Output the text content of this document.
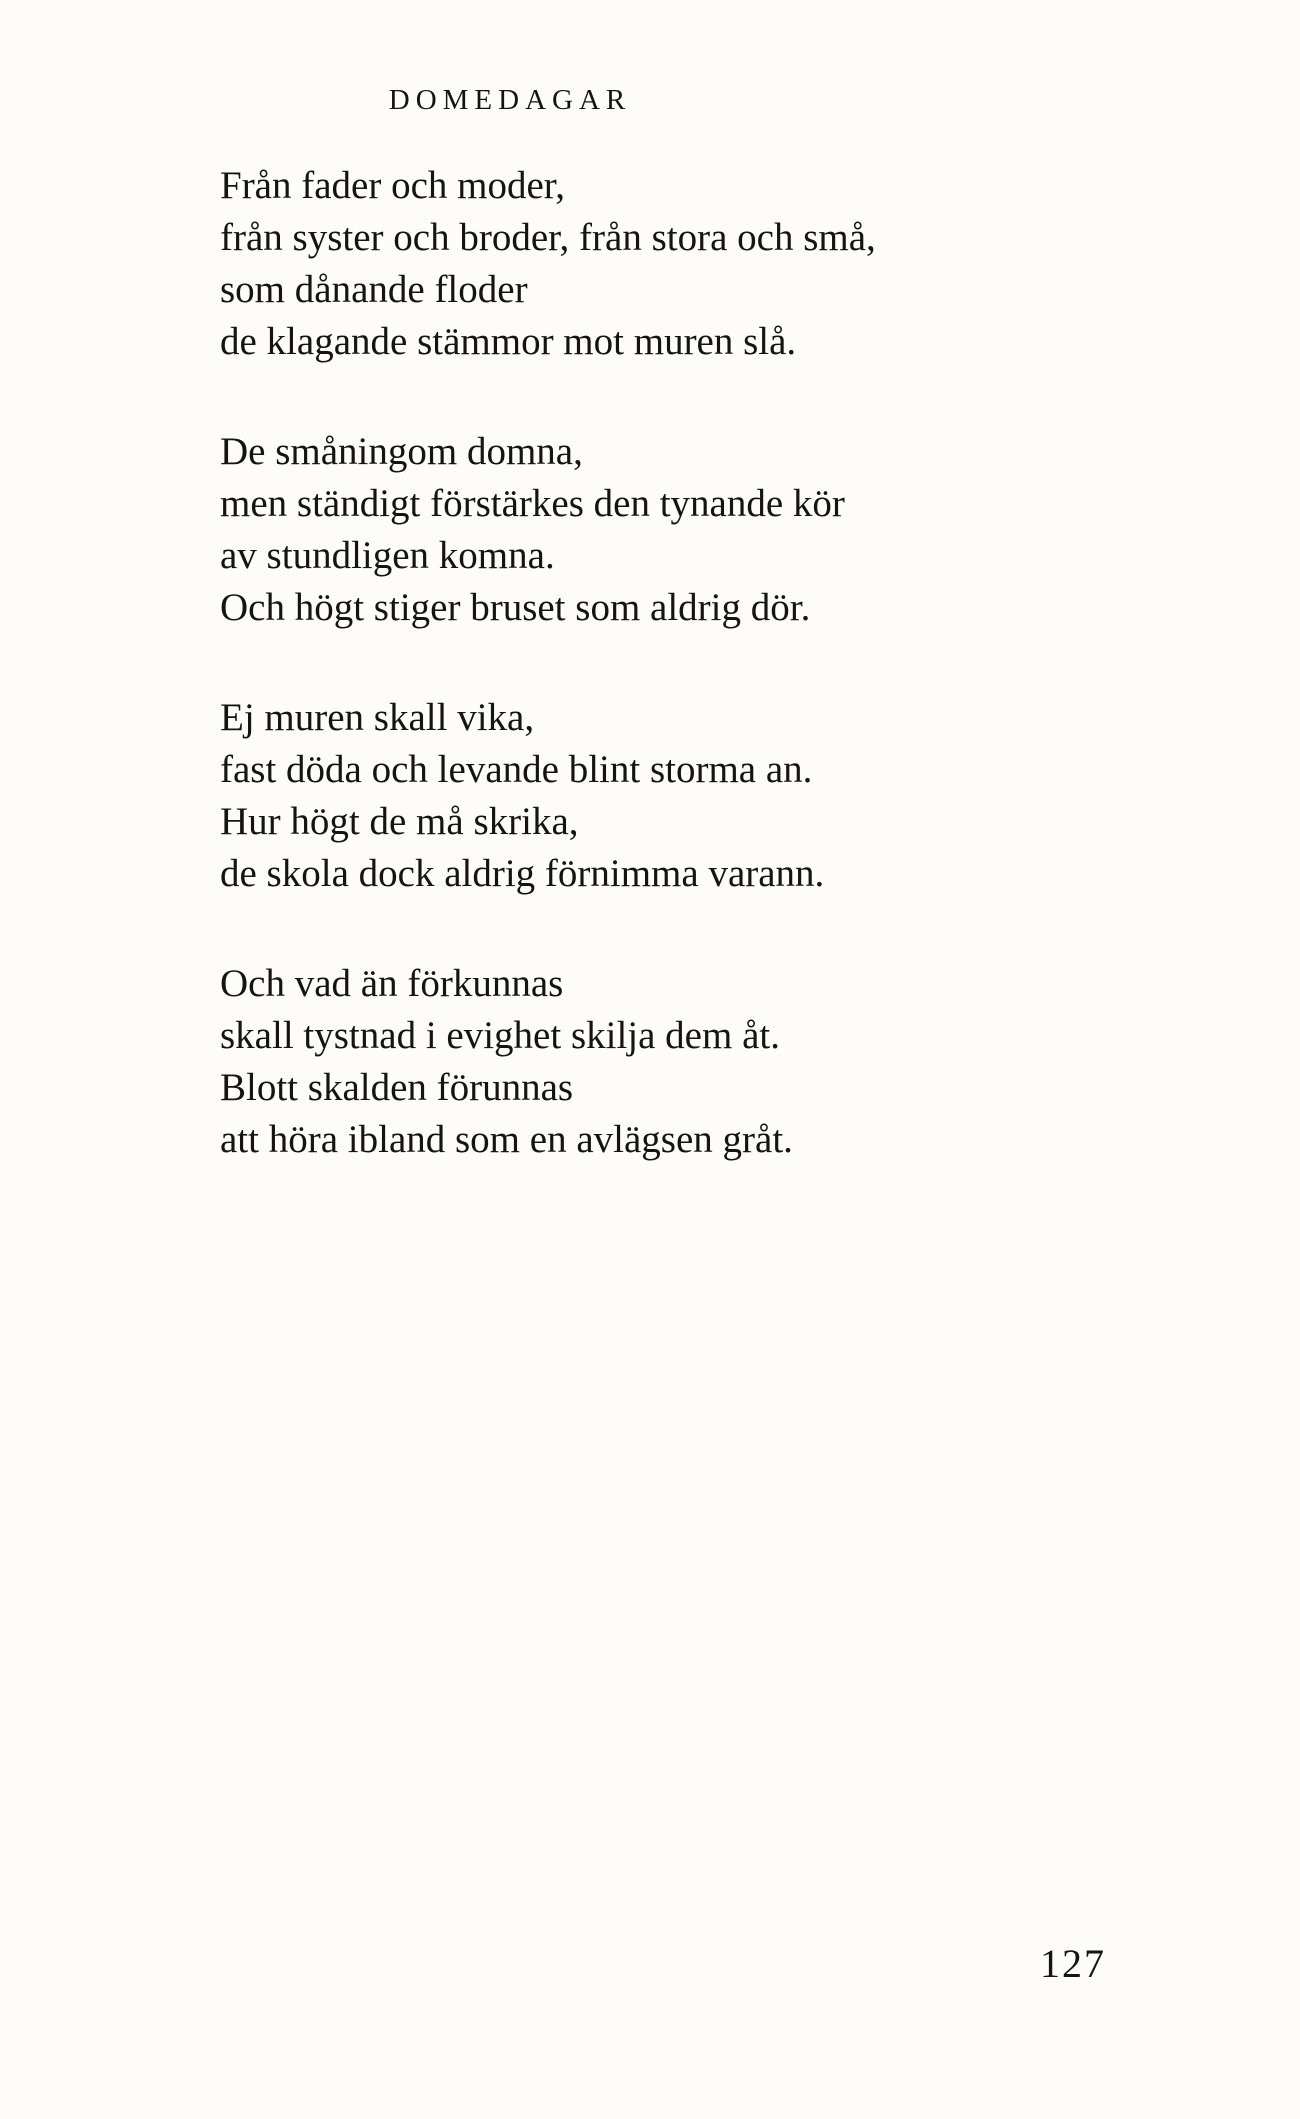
DOMEDAGAR
Från fader och moder,
från syster och broder, från stora och små,
som dånande floder
de klagande stämmor mot muren slå.
De småningom domna,
men ständigt förstärkes den tynande kör
av stundligen komna.
Och högt stiger bruset som aldrig dör.
Ej muren skall vika,
fast döda och levande blint storma an.
Hur högt de må skrika,
de skola dock aldrig förnimma varann.
Och vad än förkunnas
skall tystnad i evighet skilja dem åt.
Blott skalden förunnas
att höra ibland som en avlägsen gråt.
127
